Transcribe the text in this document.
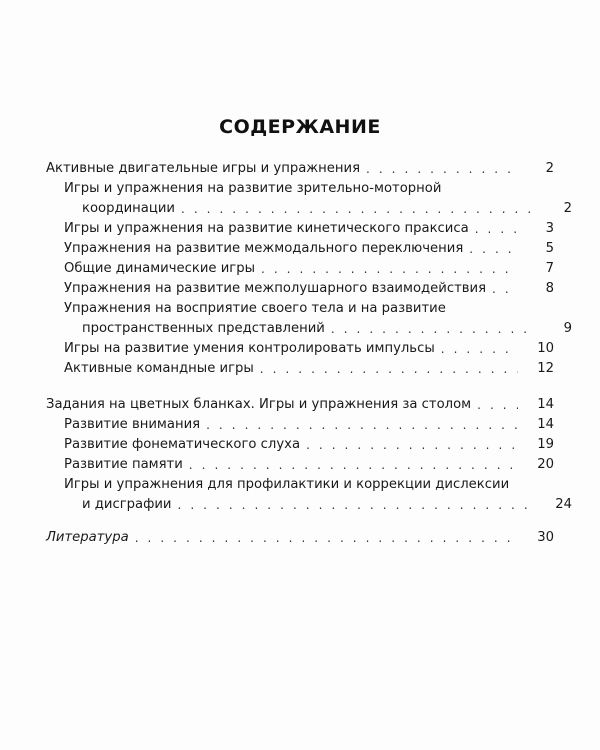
СОДЕРЖАНИЕ
Активные двигательные игры и упражнения . . .	2
Игры и упражнения на развитие зрительно-моторной
координации . . .	2
Игры и упражнения на развитие кинетического праксиса . . .	3
Упражнения на развитие межмодального переключения . . .	5
Общие динамические игры . . .	7
Упражнения на развитие межполушарного взаимодействия . . .	8
Упражнения на восприятие своего тела и на развитие
пространственных представлений . . .	9
Игры на развитие умения контролировать импульсы . . .	10
Активные командные игры . . .	12
Задания на цветных бланках. Игры и упражнения за столом . . .	14
Развитие внимания . . .	14
Развитие фонематического слуха . . .	19
Развитие памяти . . .	20
Игры и упражнения для профилактики и коррекции дислексии
и дисграфии . . .	24
Литература . . .	30
